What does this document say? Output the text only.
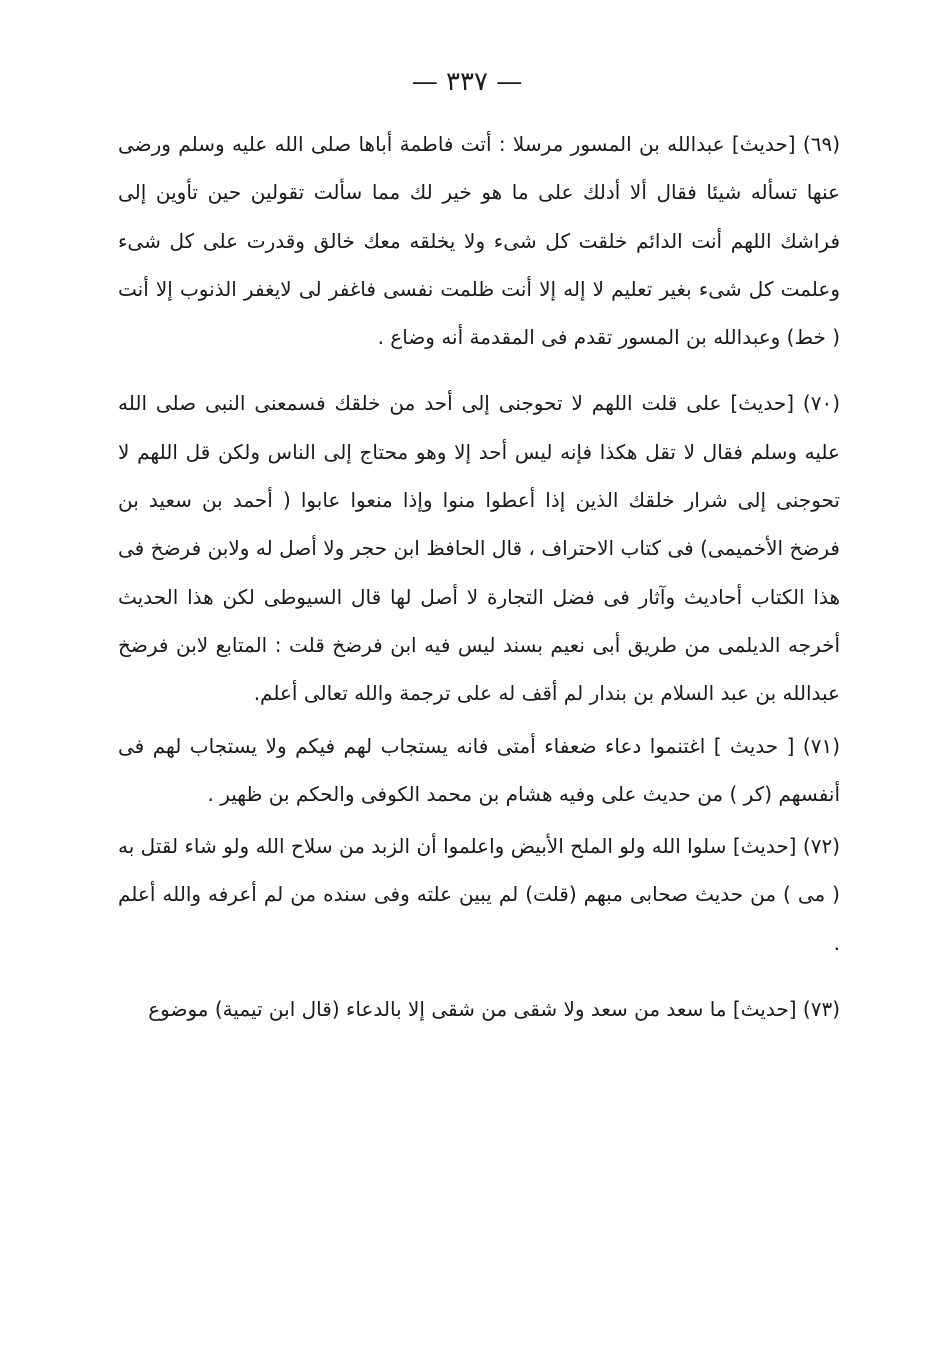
— ٣٣٧ —

(٦٩) [حديث] عبدالله بن المسور مرسلا : أتت فاطمة أباها صلى الله عليه وسلم ورضى عنها تسأله شيئا فقال ألا أدلك على ما هو خير لك مما سألت تقولين حين تأوين إلى فراشك اللهم أنت الدائم خلقت كل شىء ولا يخلقه معك خالق وقدرت على كل شىء وعلمت كل شىء بغير تعليم لا إله إلا أنت ظلمت نفسى فاغفر لى لايغفر الذنوب إلا أنت ( خط) وعبدالله بن المسور تقدم فى المقدمة أنه وضاع .

(٧٠) [حديث] على قلت اللهم لا تحوجنى إلى أحد من خلقك فسمعنى النبى صلى الله عليه وسلم فقال لا تقل هكذا فإنه ليس أحد إلا وهو محتاج إلى الناس ولكن قل اللهم لا تحوجنى إلى شرار خلقك الذين إذا أعطوا منوا وإذا منعوا عابوا ( أحمد بن سعيد بن فرضخ الأخميمى) فى كتاب الاحتراف ، قال الحافظ ابن حجر ولا أصل له ولابن فرضخ فى هذا الكتاب أحاديث وآثار فى فضل التجارة لا أصل لها قال السيوطى لكن هذا الحديث أخرجه الديلمى من طريق أبى نعيم بسند ليس فيه ابن فرضخ قلت : المتابع لابن فرضخ عبدالله بن عبد السلام بن بندار لم أقف له على ترجمة والله تعالى أعلم.

(٧١) [ حديث ] اغتنموا دعاء ضعفاء أمتى فانه يستجاب لهم فيكم ولا يستجاب لهم فى أنفسهم (كر ) من حديث على وفيه هشام بن محمد الكوفى والحكم بن ظهير .

(٧٢) [حديث] سلوا الله ولو الملح الأبيض واعلموا أن الزبد من سلاح الله ولو شاء لقتل به ( مى ) من حديث صحابى مبهم (قلت) لم يبين علته وفى سنده من لم أعرفه والله أعلم .

(٧٣) [حديث] ما سعد من سعد ولا شقى من شقى إلا بالدعاء (قال ابن تيمية) موضوع
